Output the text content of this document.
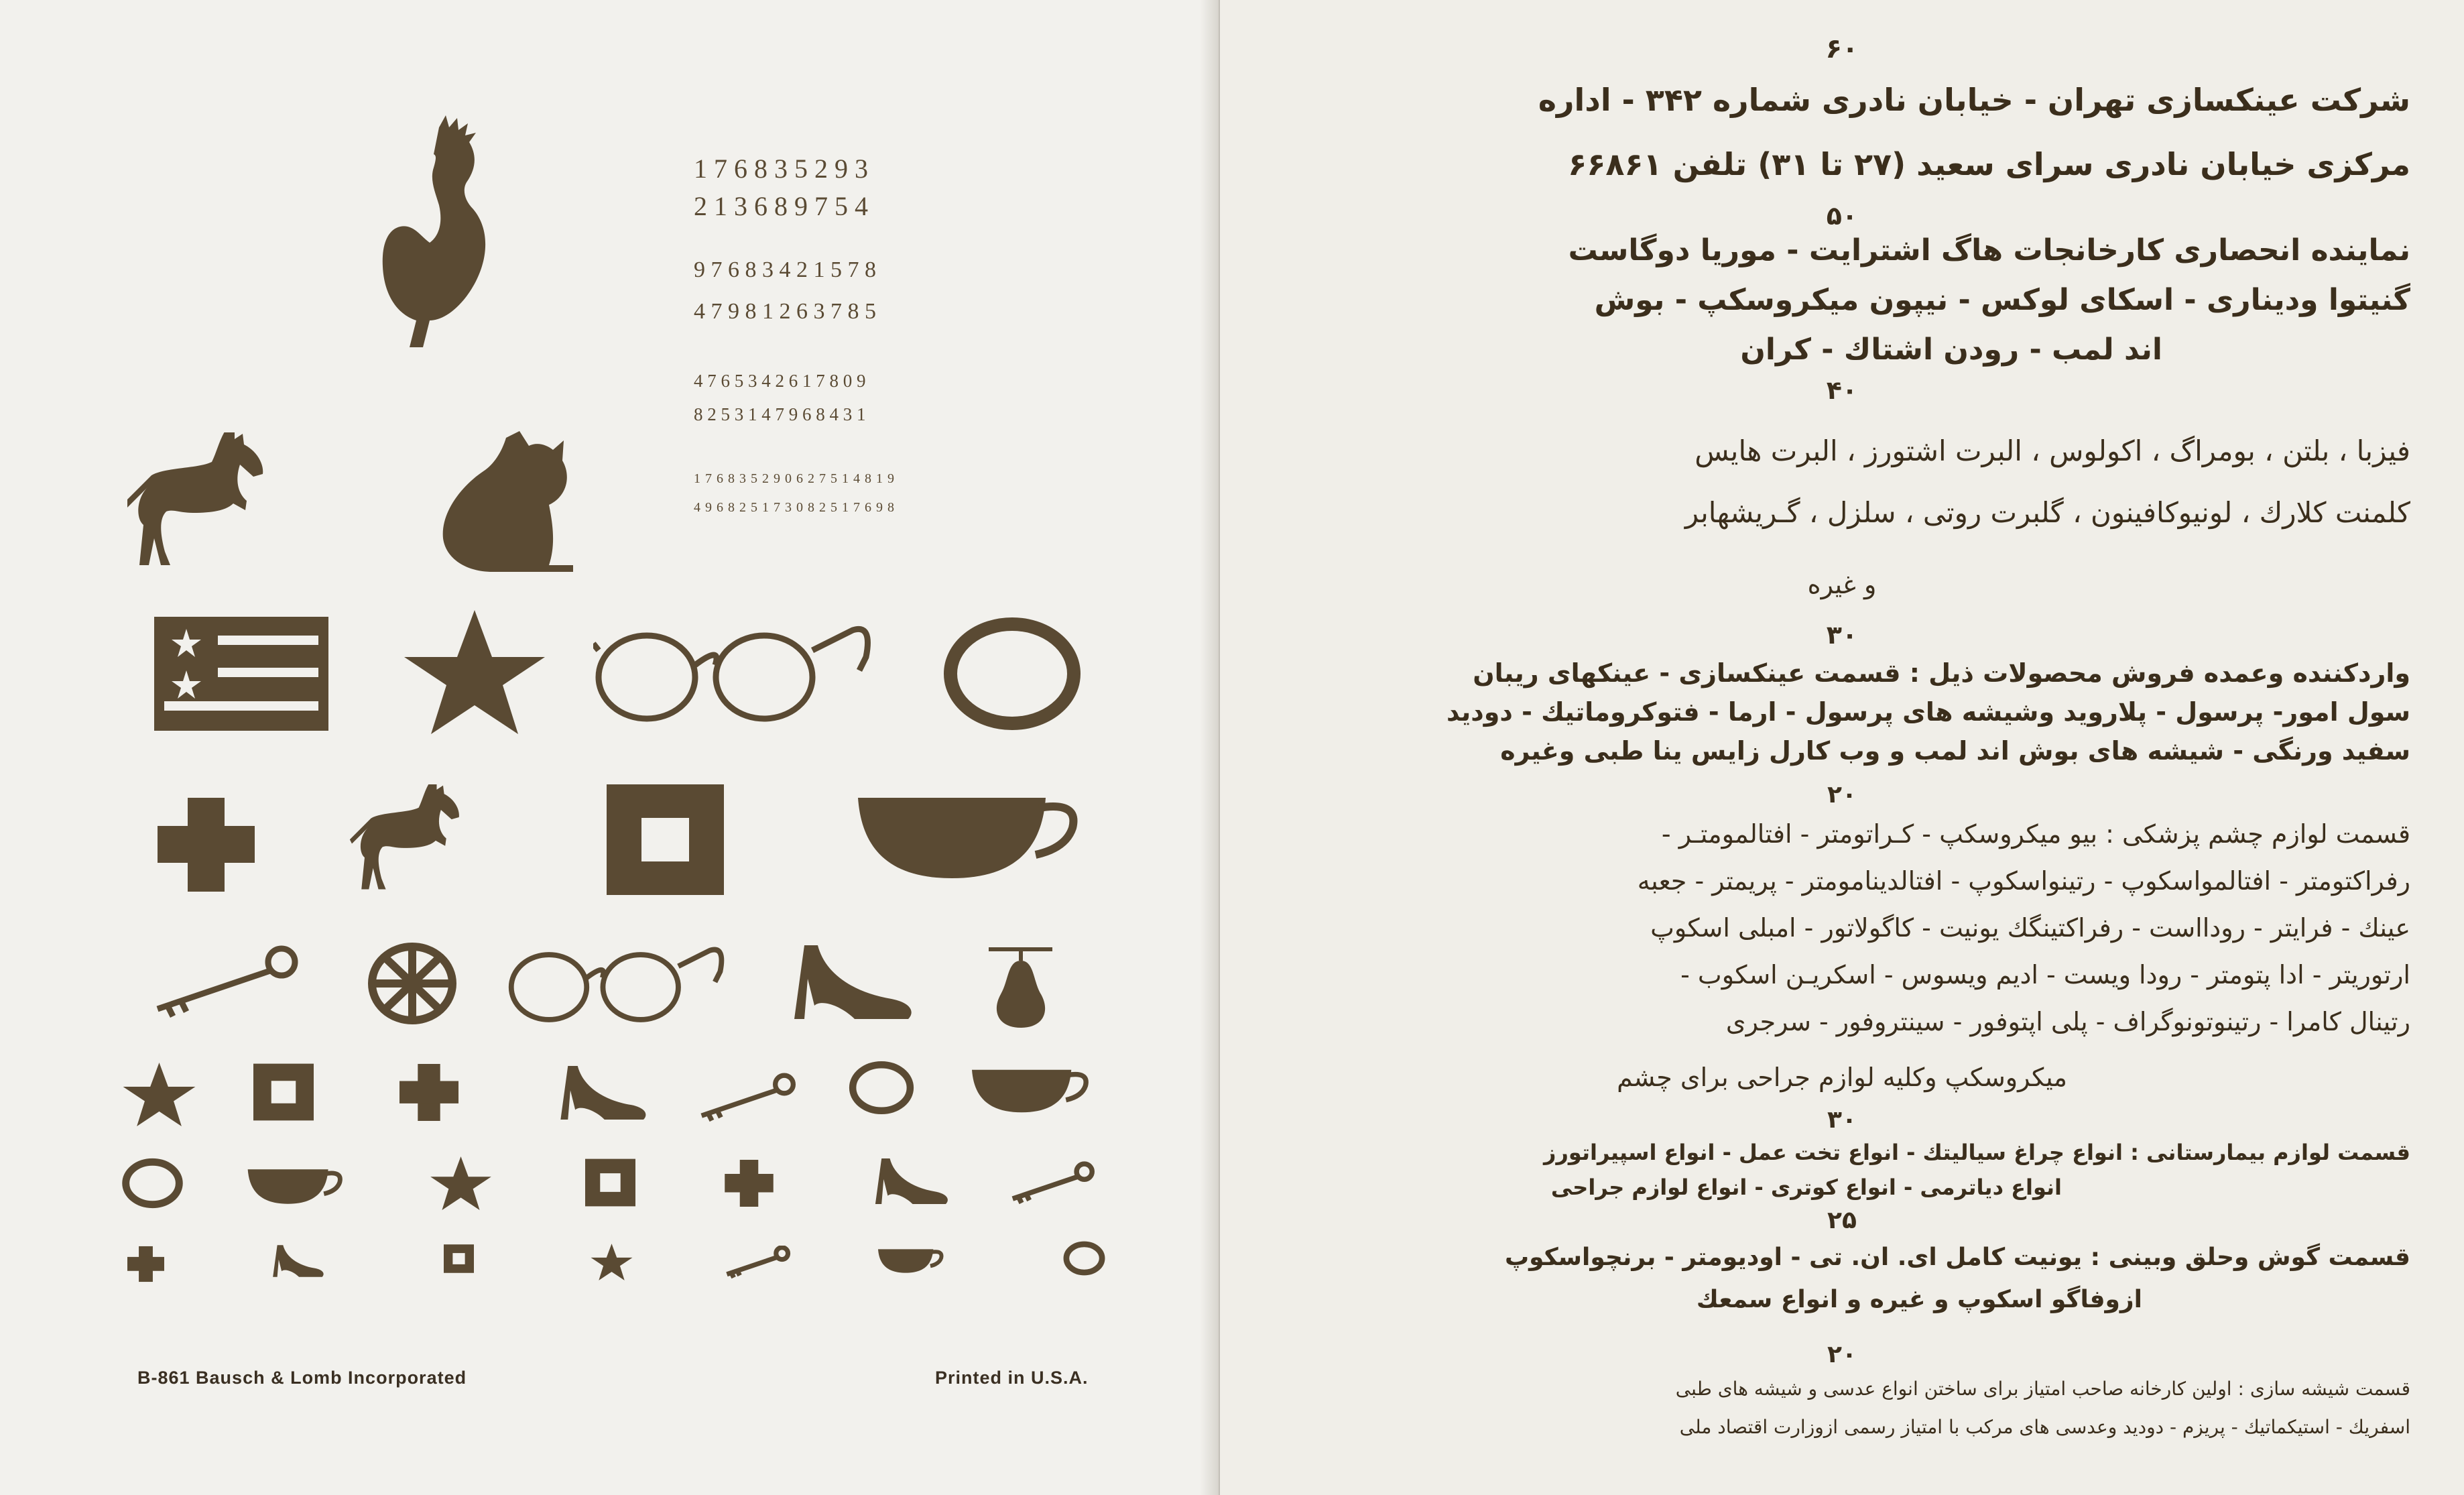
1 7 6 8 3 5 2 9 3
2 1 3 6 8 9 7 5 4
9 7 6 8 3 4 2 1 5 7 8
4 7 9 8 1 2 6 3 7 8 5
4 7 6 5 3 4 2 6 1 7 8 0 9
8 2 5 3 1 4 7 9 6 8 4 3 1
1 7 6 8 3 5 2 9 0 6 2 7 5 1 4 8 1 9
4 9 6 8 2 5 1 7 3 0 8 2 5 1 7 6 9 8
B-861 Bausch & Lomb Incorporated	Printed in U.S.A.
۶۰
شرکت عینکسازی تهران - خیابان نادری شماره ۳۴۲ - اداره
مرکزی خیابان نادری سرای سعید (۲۷ تا ۳۱) تلفن ۶۶۸۶۱
۵۰
نماینده انحصاری کارخانجات هاگ اشترایت - موریا دوگاست
گنیتوا ودینارى - اسکای لوکس - نیپون میکروسکپ - بوش
اند لمب - رودن اشتاك - کران
۴۰
فیزبا ، بلتن ، بومراگ ، اکولوس ، البرت اشتورز ، البرت هایس
کلمنت کلارك ، لونیوکافینون ، گلبرت روتی ، سلزل ، گـریشهابر
و غیره
۳۰
واردکننده وعمده فروش محصولات ذیل : قسمت عینکسازی - عینکهای ریبان
سول امور- پرسول - پلاروید وشیشه های پرسول - ارما - فتوکروماتیك - دودید
سفید ورنگی - شیشه های بوش اند لمب و وب کارل زایس ینا طبی وغیره
۲۰
قسمت لوازم چشم پزشکی : بیو میکروسکپ - کـراتومتر - افتالمومتـر -
رفراکتومتر - افتالمواسکوپ - رتینواسکوپ - افتالدینامومتر - پریمتر - جعبه
عینك - فرایتر - رودااست - رفراکتینگك یونیت - کاگولاتور - امبلی اسکوپ
ارتوریتر - ادا پتومتر - رودا ویست - ادیم ویسوس - اسکریـن اسکوب -
رتینال کامرا - رتینوتونوگراف - پلی اپتوفور - سینتروفور - سرجری
میکروسکپ وکلیه لوازم جراحی برای چشم
۳۰
قسمت لوازم بیمارستانی : انواع چراغ سیالیتك - انواع تخت عمل - انواع اسپیراتورز
انواع دیاترمی - انواع کوتری - انواع لوازم جراحی
۲۵
قسمت گوش وحلق وبینی : یونیت کامل ای. ان. تی - اودیومتر - برنچواسکوپ
ازوفاگو اسکوپ و غیره و انواع سمعك
۲۰
قسمت شیشه سازی : اولین کارخانه صاحب امتیاز برای ساختن انواع عدسی و شیشه های طبی
اسفریك - استیکماتیك - پریزم - دودید وعدسی های مرکب با امتیاز رسمی ازوزارت اقتصاد ملی
